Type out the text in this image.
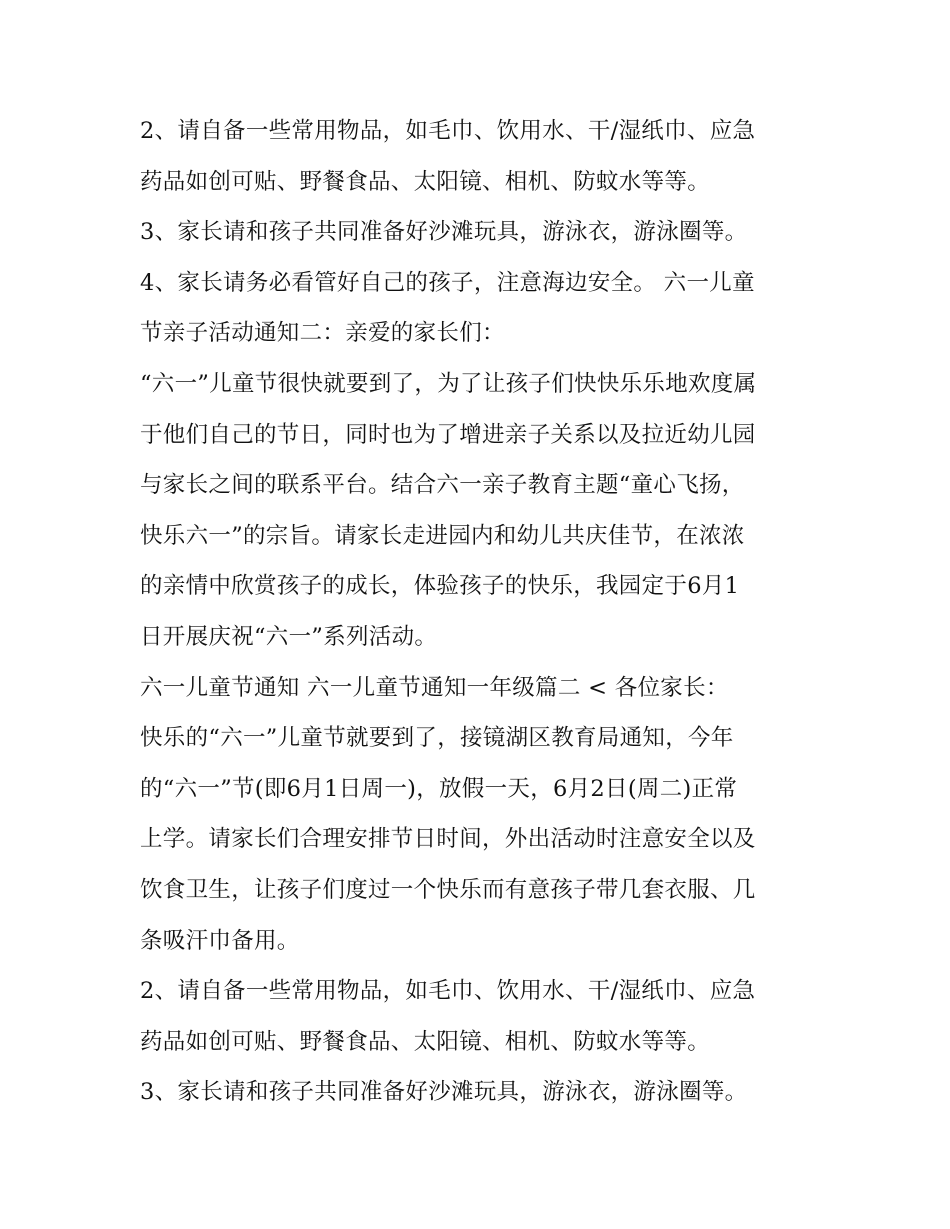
2、请自备一些常用物品，如毛巾、饮用水、干/湿纸巾、应急
药品如创可贴、野餐食品、太阳镜、相机、防蚊水等等。
3、家长请和孩子共同准备好沙滩玩具，游泳衣，游泳圈等。
4、家长请务必看管好自己的孩子，注意海边安全。 六一儿童
节亲子活动通知二：亲爱的家长们：
“六一”儿童节很快就要到了，为了让孩子们快快乐乐地欢度属
于他们自己的节日，同时也为了增进亲子关系以及拉近幼儿园
与家长之间的联系平台。结合六一亲子教育主题“童心飞扬，
快乐六一”的宗旨。请家长走进园内和幼儿共庆佳节，在浓浓
的亲情中欣赏孩子的成长，体验孩子的快乐，我园定于6月1
日开展庆祝“六一”系列活动。
六一儿童节通知 六一儿童节通知一年级篇二 < 各位家长：
快乐的“六一”儿童节就要到了，接镜湖区教育局通知，今年
的“六一”节(即6月1日周一)，放假一天，6月2日(周二)正常
上学。请家长们合理安排节日时间，外出活动时注意安全以及
饮食卫生，让孩子们度过一个快乐而有意孩子带几套衣服、几
条吸汗巾备用。
2、请自备一些常用物品，如毛巾、饮用水、干/湿纸巾、应急
药品如创可贴、野餐食品、太阳镜、相机、防蚊水等等。
3、家长请和孩子共同准备好沙滩玩具，游泳衣，游泳圈等。
